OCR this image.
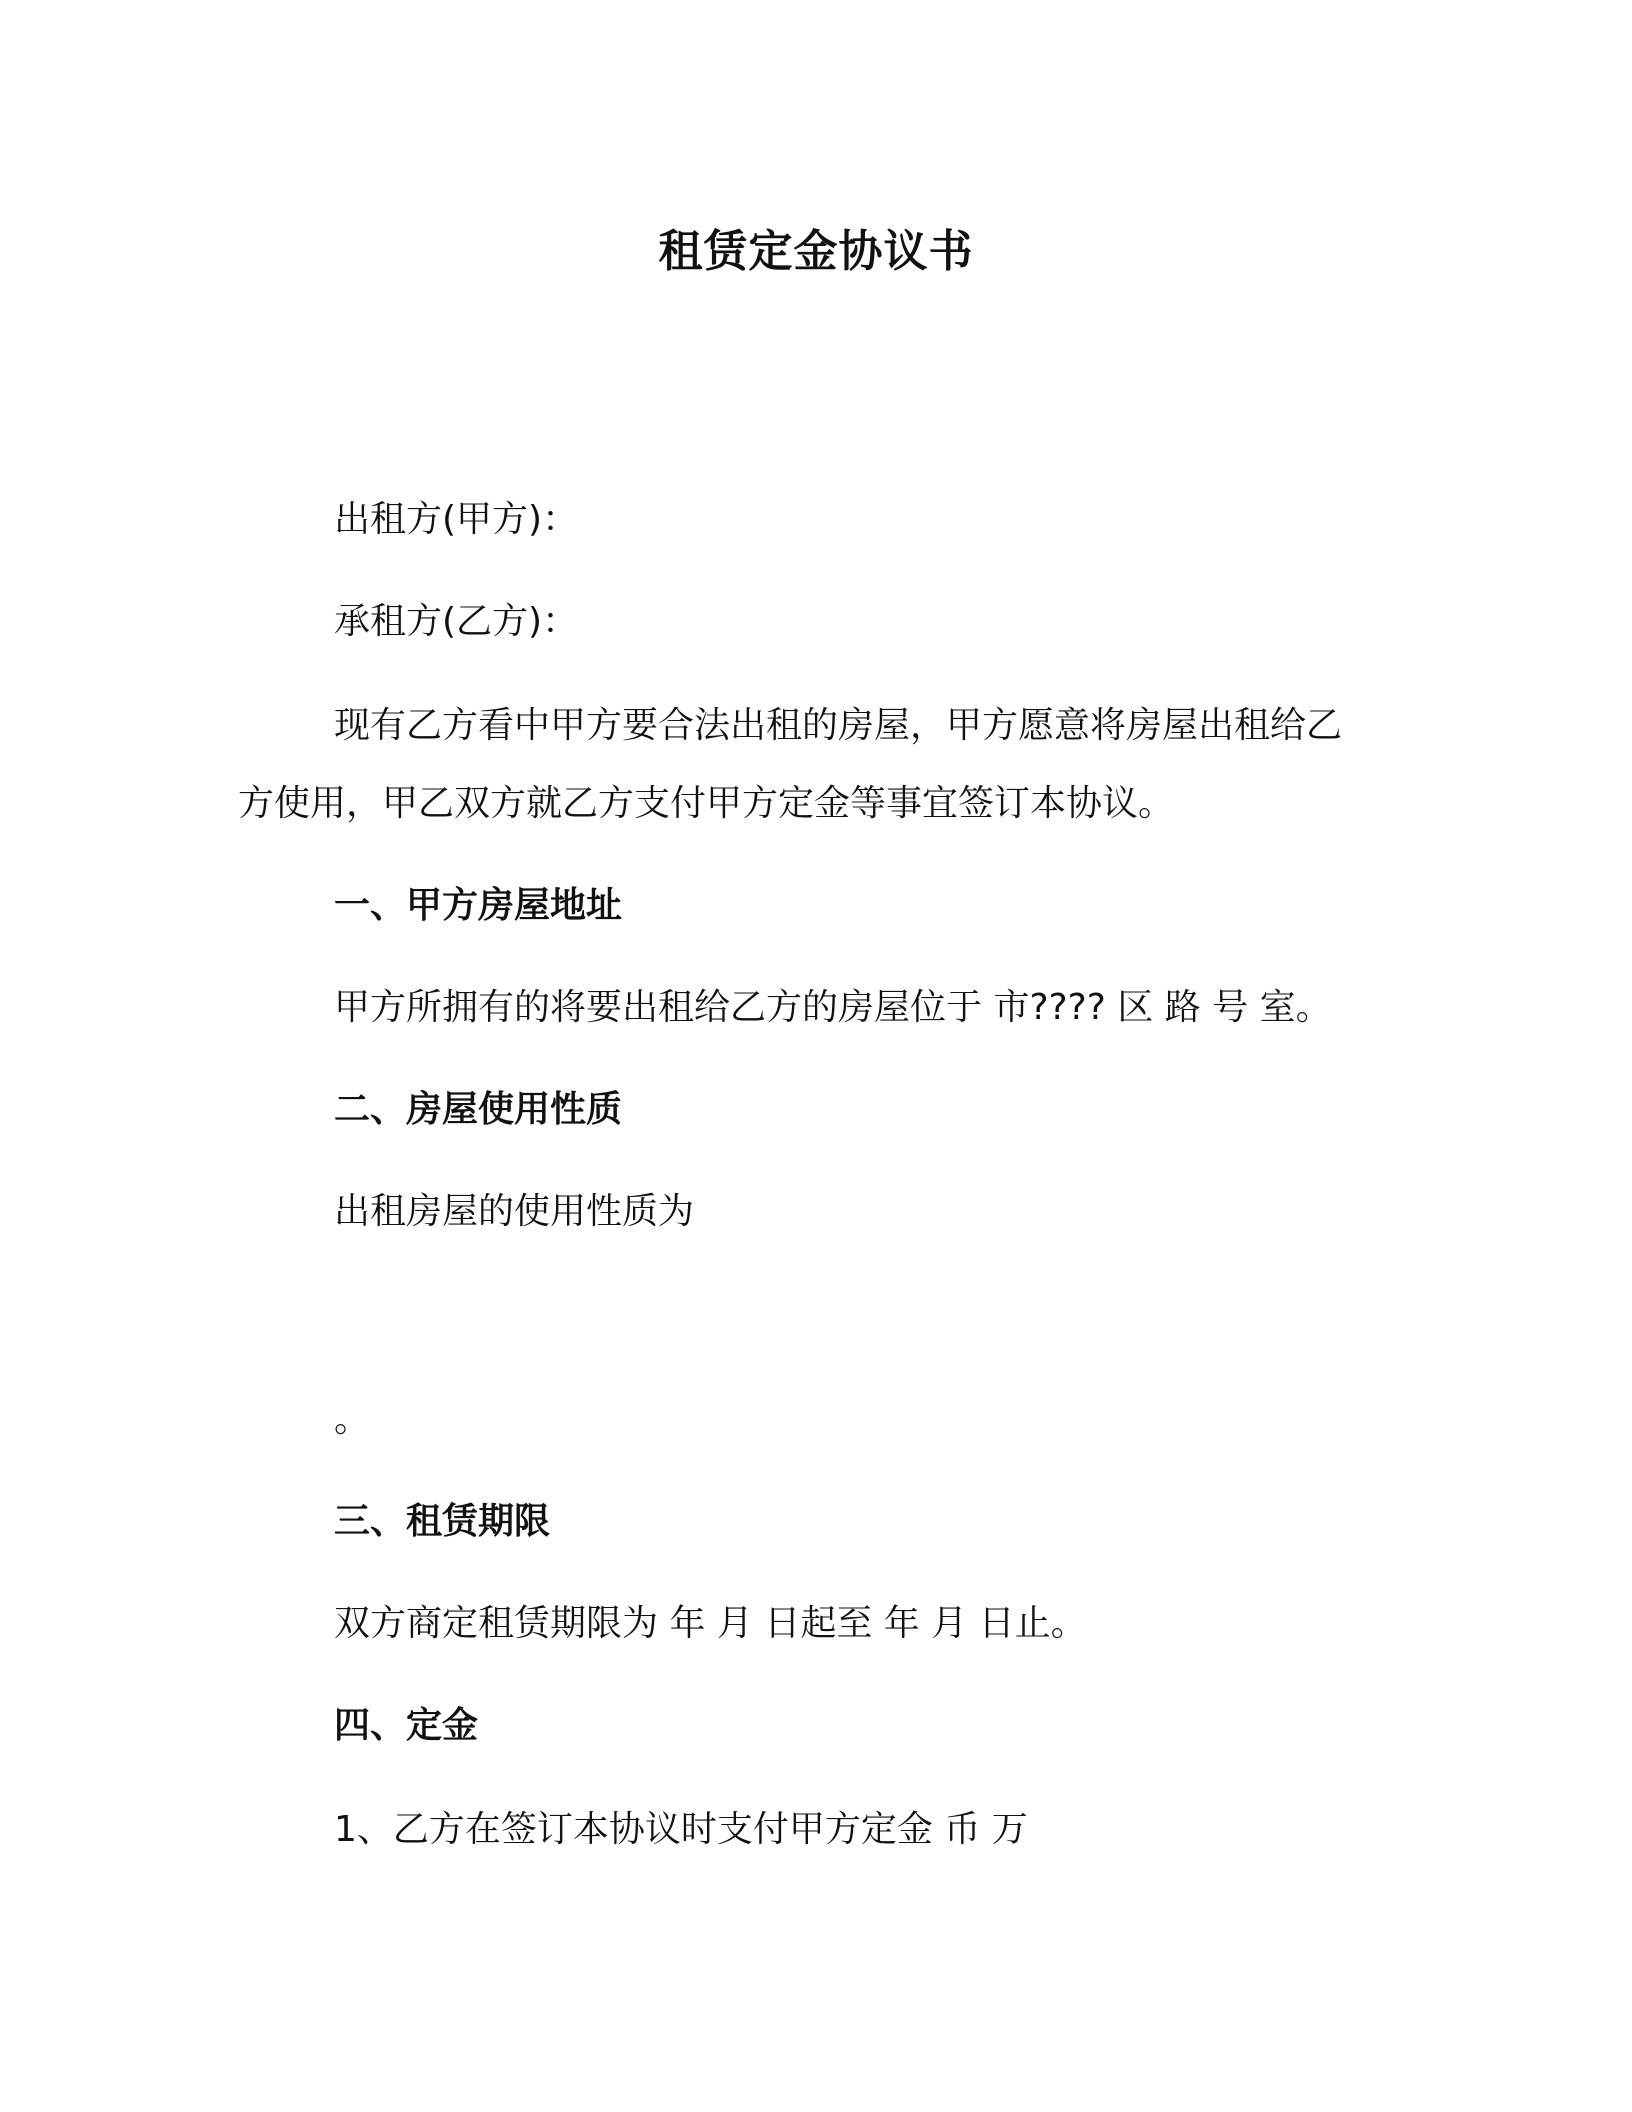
租赁定金协议书
出租方(甲方)：
承租方(乙方)：
现有乙方看中甲方要合法出租的房屋，甲方愿意将房屋出租给乙
方使用，甲乙双方就乙方支付甲方定金等事宜签订本协议。
一、甲方房屋地址
甲方所拥有的将要出租给乙方的房屋位于 市???? 区 路 号 室。
二、房屋使用性质
出租房屋的使用性质为
。
三、租赁期限
双方商定租赁期限为 年 月 日起至 年 月 日止。
四、定金
1、乙方在签订本协议时支付甲方定金 币 万
